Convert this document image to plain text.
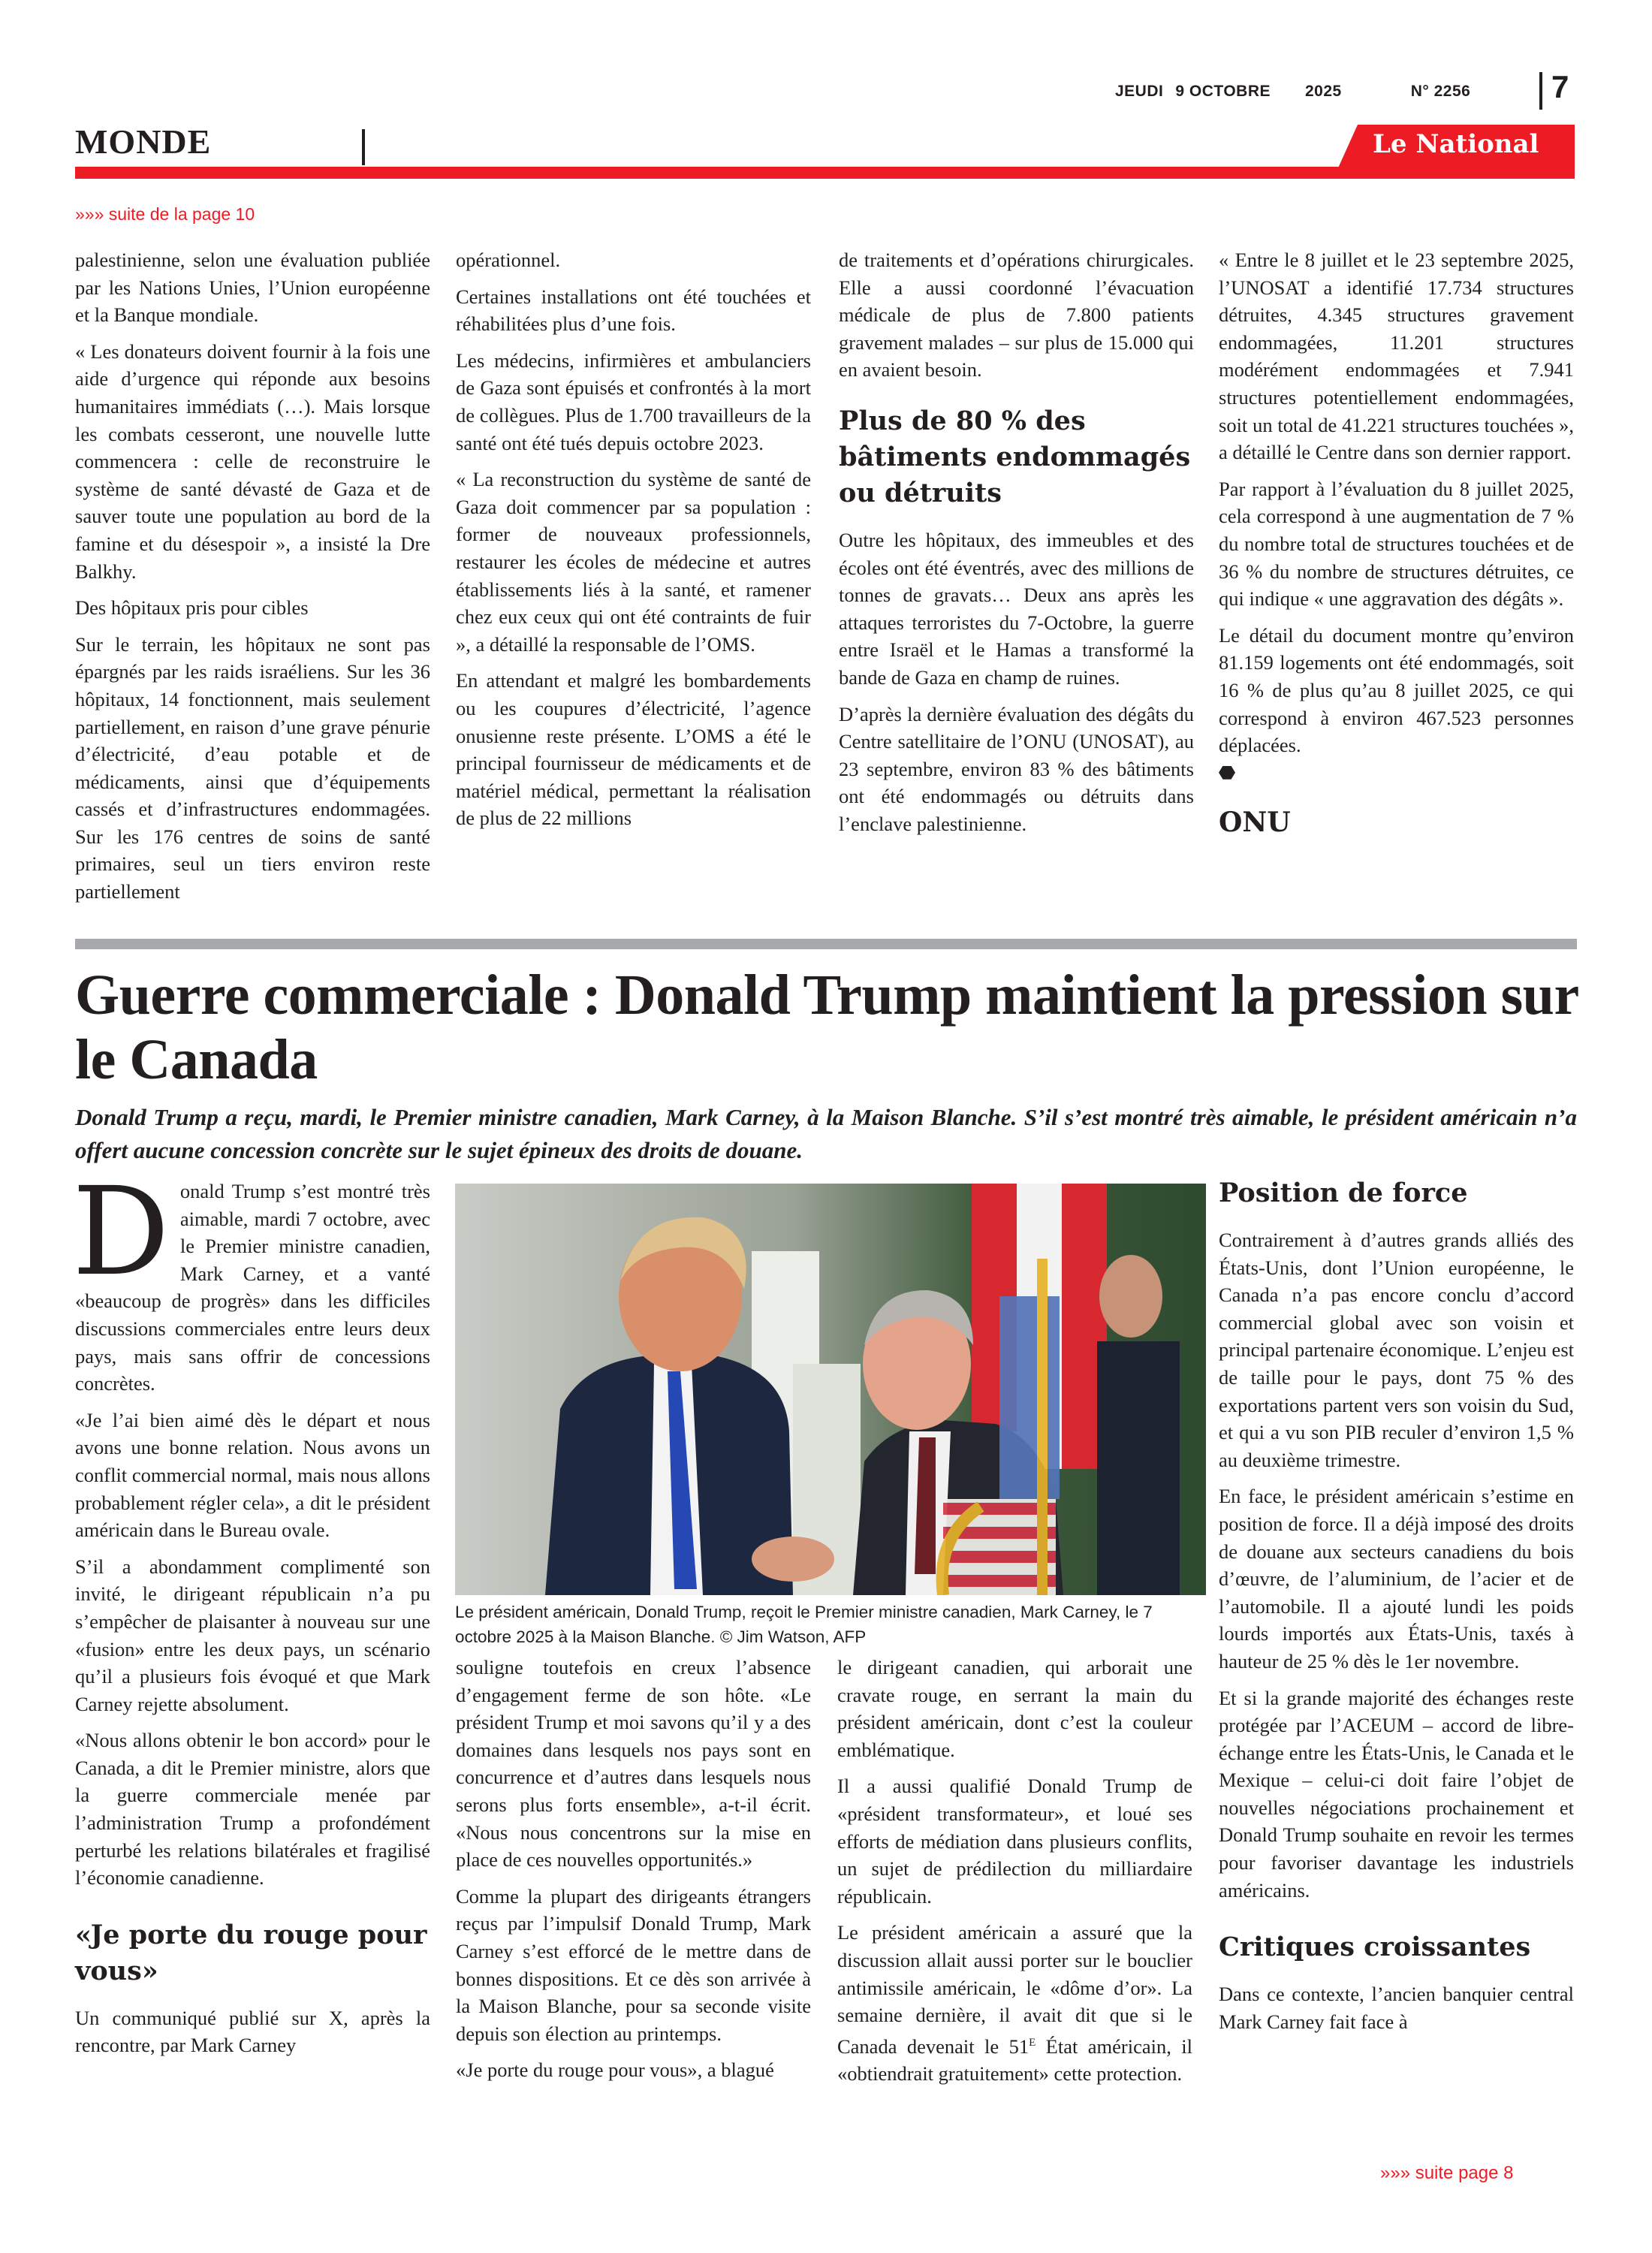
JEUDI 9 OCTOBRE 2025	N° 2256	7
MONDE	Le National
»»» suite de la page 10

palestinienne, selon une évaluation publiée par les Nations Unies, l’Union européenne et la Banque mondiale.

« Les donateurs doivent fournir à la fois une aide d’urgence qui réponde aux besoins humanitaires immédiats (…). Mais lorsque les combats cesseront, une nouvelle lutte commencera : celle de reconstruire le système de santé dévasté de Gaza et de sauver toute une population au bord de la famine et du désespoir », a insisté la Dre Balkhy.

Des hôpitaux pris pour cibles

Sur le terrain, les hôpitaux ne sont pas épargnés par les raids israéliens. Sur les 36 hôpitaux, 14 fonctionnent, mais seulement partiellement, en raison d’une grave pénurie d’électricité, d’eau potable et de médicaments, ainsi que d’équipements cassés et d’infrastructures endommagées. Sur les 176 centres de soins de santé primaires, seul un tiers environ reste partiellement

opérationnel.

Certaines installations ont été touchées et réhabilitées plus d’une fois.

Les médecins, infirmières et ambulanciers de Gaza sont épuisés et confrontés à la mort de collègues. Plus de 1.700 travailleurs de la santé ont été tués depuis octobre 2023.

« La reconstruction du système de santé de Gaza doit commencer par sa population : former de nouveaux professionnels, restaurer les écoles de médecine et autres établissements liés à la santé, et ramener chez eux ceux qui ont été contraints de fuir », a détaillé la responsable de l’OMS.

En attendant et malgré les bombardements ou les coupures d’électricité, l’agence onusienne reste présente. L’OMS a été le principal fournisseur de médicaments et de matériel médical, permettant la réalisation de plus de 22 millions

de traitements et d’opérations chirurgicales. Elle a aussi coordonné l’évacuation médicale de plus de 7.800 patients gravement malades – sur plus de 15.000 qui en avaient besoin.

Plus de 80 % des bâtiments endommagés ou détruits

Outre les hôpitaux, des immeubles et des écoles ont été éventrés, avec des millions de tonnes de gravats… Deux ans après les attaques terroristes du 7-Octobre, la guerre entre Israël et le Hamas a transformé la bande de Gaza en champ de ruines.

D’après la dernière évaluation des dégâts du Centre satellitaire de l’ONU (UNOSAT), au 23 septembre, environ 83 % des bâtiments ont été endommagés ou détruits dans l’enclave palestinienne.

« Entre le 8 juillet et le 23 septembre 2025, l’UNOSAT a identifié 17.734 structures détruites, 4.345 structures gravement endommagées, 11.201 structures modérément endommagées et 7.941 structures potentiellement endommagées, soit un total de 41.221 structures touchées », a détaillé le Centre dans son dernier rapport.

Par rapport à l’évaluation du 8 juillet 2025, cela correspond à une augmentation de 7 % du nombre total de structures touchées et de 36 % du nombre de structures détruites, ce qui indique « une aggravation des dégâts ».

Le détail du document montre qu’environ 81.159 logements ont été endommagés, soit 16 % de plus qu’au 8 juillet 2025, ce qui correspond à environ 467.523 personnes déplacées.

ONU
Guerre commerciale : Donald Trump maintient la pression sur le Canada
Donald Trump a reçu, mardi, le Premier ministre canadien, Mark Carney, à la Maison Blanche. S’il s’est montré très aimable, le président américain n’a offert aucune concession concrète sur le sujet épineux des droits de douane.

Donald Trump s’est montré très aimable, mardi 7 octobre, avec le Premier ministre canadien, Mark Carney, et a vanté «beaucoup de progrès» dans les difficiles discussions commerciales entre leurs deux pays, mais sans offrir de concessions concrètes.

«Je l’ai bien aimé dès le départ et nous avons une bonne relation. Nous avons un conflit commercial normal, mais nous allons probablement régler cela», a dit le président américain dans le Bureau ovale.

S’il a abondamment complimenté son invité, le dirigeant républicain n’a pu s’empêcher de plaisanter à nouveau sur une «fusion» entre les deux pays, un scénario qu’il a plusieurs fois évoqué et que Mark Carney rejette absolument.

«Nous allons obtenir le bon accord» pour le Canada, a dit le Premier ministre, alors que la guerre commerciale menée par l’administration Trump a profondément perturbé les relations bilatérales et fragilisé l’économie canadienne.

«Je porte du rouge pour vous»

Un communiqué publié sur X, après la rencontre, par Mark Carney

Le président américain, Donald Trump, reçoit le Premier ministre canadien, Mark Carney, le 7 octobre 2025 à la Maison Blanche. © Jim Watson, AFP

souligne toutefois en creux l’absence d’engagement ferme de son hôte. «Le président Trump et moi savons qu’il y a des domaines dans lesquels nos pays sont en concurrence et d’autres dans lesquels nous serons plus forts ensemble», a-t-il écrit. «Nous nous concentrons sur la mise en place de ces nouvelles opportunités.»

Comme la plupart des dirigeants étrangers reçus par l’impulsif Donald Trump, Mark Carney s’est efforcé de le mettre dans de bonnes dispositions. Et ce dès son arrivée à la Maison Blanche, pour sa seconde visite depuis son élection au printemps.

«Je porte du rouge pour vous», a blagué

le dirigeant canadien, qui arborait une cravate rouge, en serrant la main du président américain, dont c’est la couleur emblématique.

Il a aussi qualifié Donald Trump de «président transformateur», et loué ses efforts de médiation dans plusieurs conflits, un sujet de prédilection du milliardaire républicain.

Le président américain a assuré que la discussion allait aussi porter sur le bouclier antimissile américain, le «dôme d’or». La semaine dernière, il avait dit que si le Canada devenait le $51^E$ État américain, il «obtiendrait gratuitement» cette protection.

Position de force

Contrairement à d’autres grands alliés des États-Unis, dont l’Union européenne, le Canada n’a pas encore conclu d’accord commercial global avec son voisin et principal partenaire économique. L’enjeu est de taille pour le pays, dont 75 % des exportations partent vers son voisin du Sud, et qui a vu son PIB reculer d’environ 1,5 % au deuxième trimestre.

En face, le président américain s’estime en position de force. Il a déjà imposé des droits de douane aux secteurs canadiens du bois d’œuvre, de l’aluminium, de l’acier et de l’automobile. Il a ajouté lundi les poids lourds importés aux États-Unis, taxés à hauteur de 25 % dès le 1er novembre.

Et si la grande majorité des échanges reste protégée par l’ACEUM – accord de libre-échange entre les États-Unis, le Canada et le Mexique – celui-ci doit faire l’objet de nouvelles négociations prochainement et Donald Trump souhaite en revoir les termes pour favoriser davantage les industriels américains.

Critiques croissantes

Dans ce contexte, l’ancien banquier central Mark Carney fait face à

»»» suite page 8
